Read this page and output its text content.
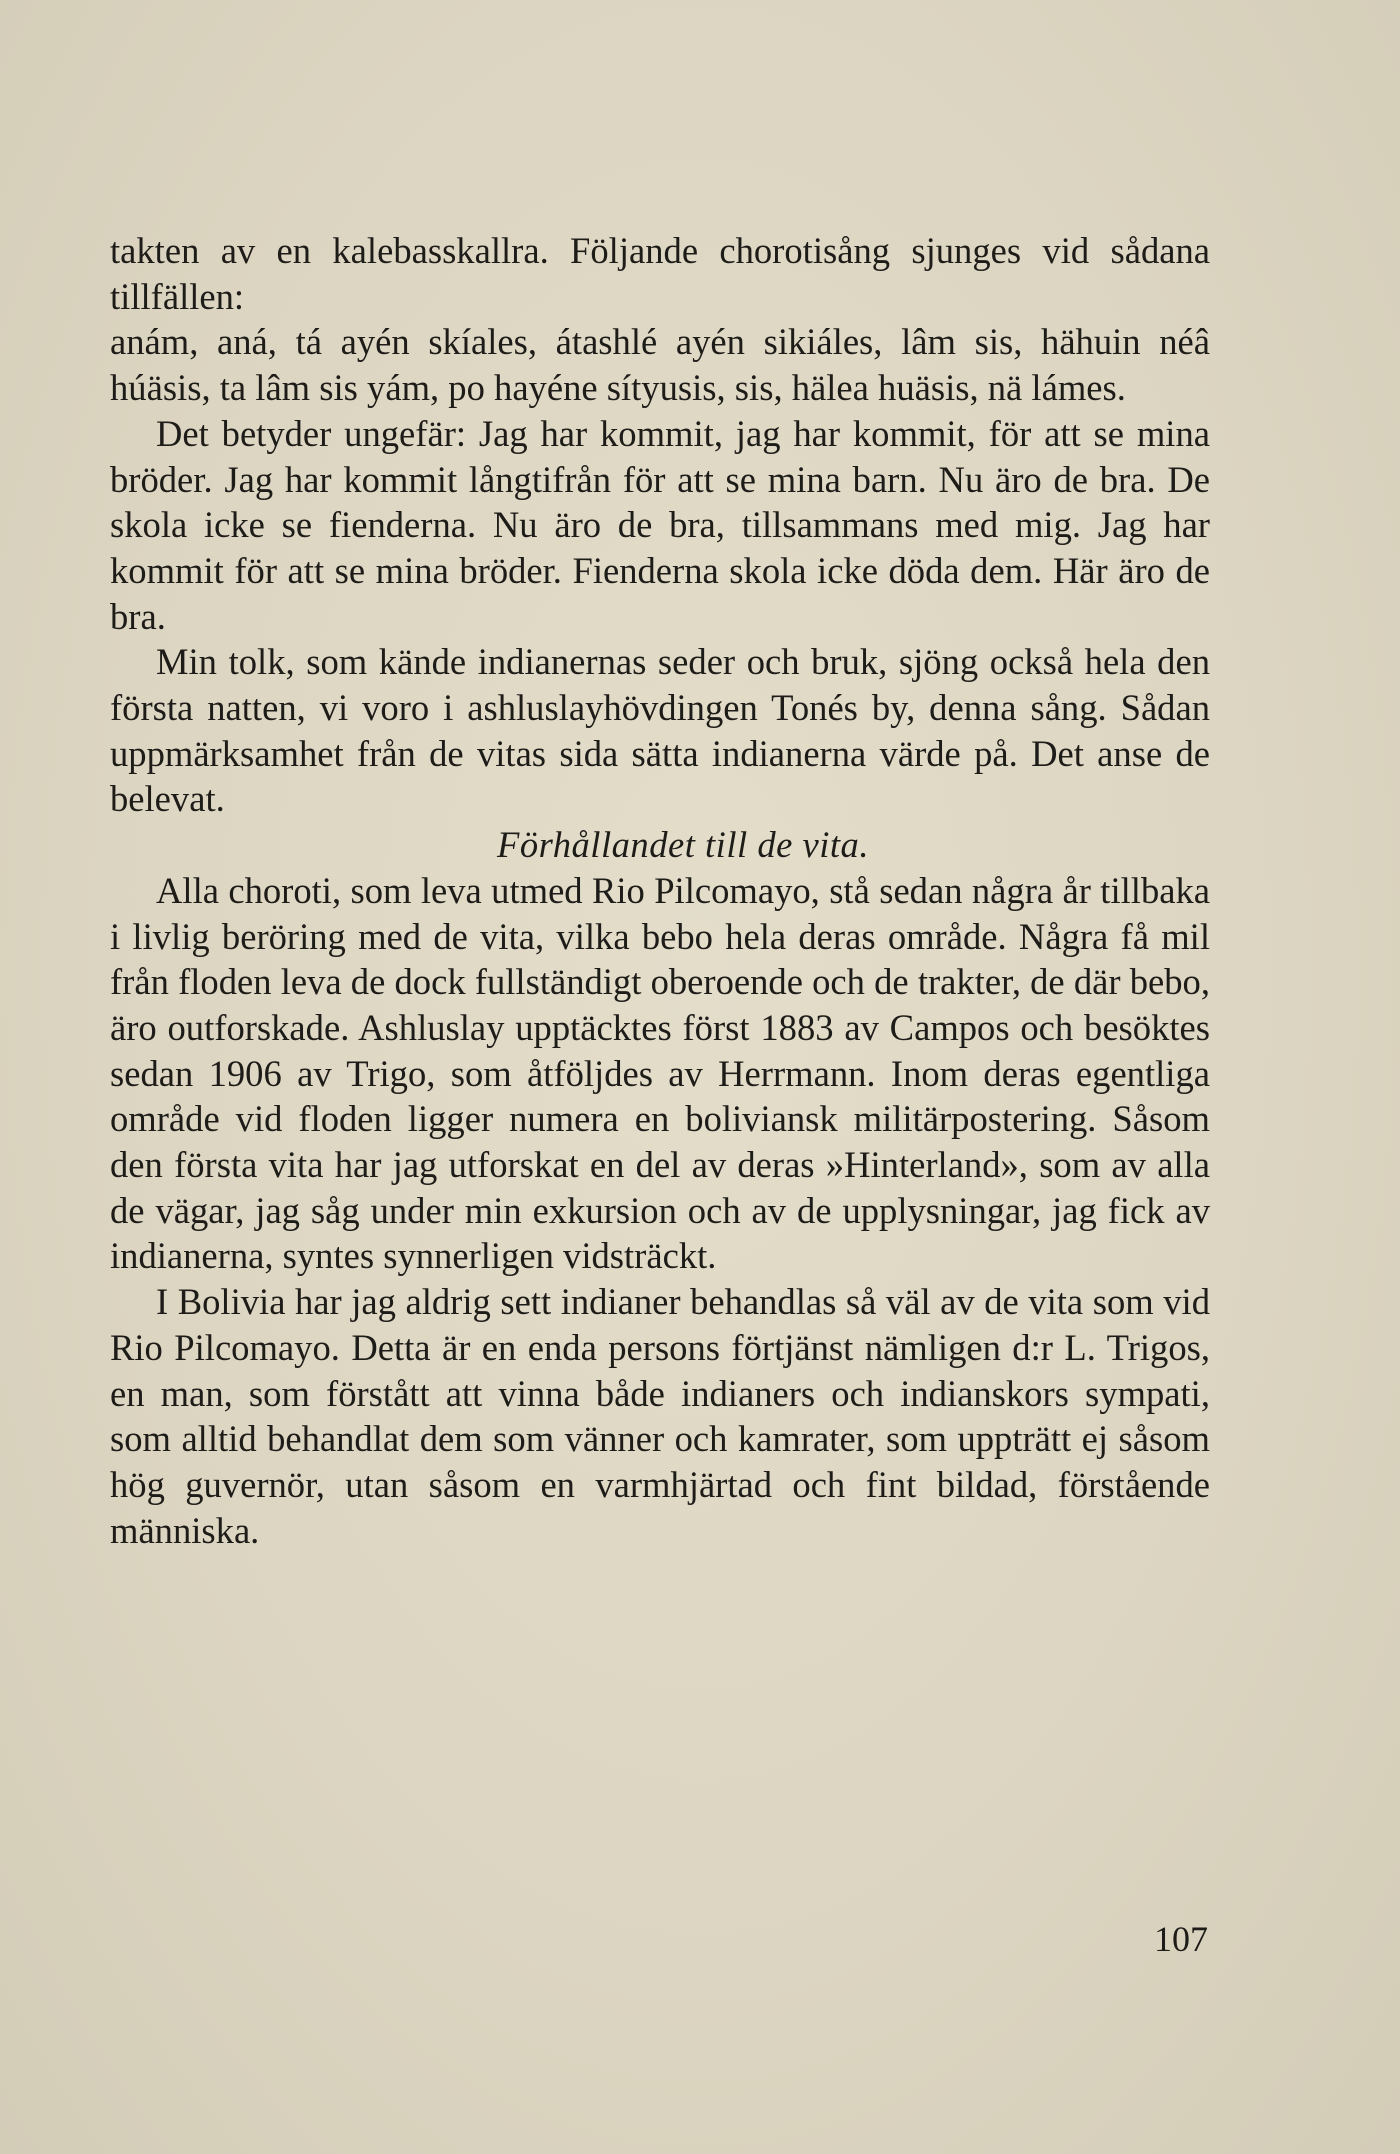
takten av en kalebasskallra. Följande chorotisång sjunges vid sådana tillfällen:

anám, aná, tá ayén skíales, átashlé ayén sikiáles, lâm sis, hähuin néâ húäsis, ta lâm sis yám, po hayéne sítyusis, sis, hälea huäsis, nä lámes.

Det betyder ungefär: Jag har kommit, jag har kommit, för att se mina bröder. Jag har kommit långtifrån för att se mina barn. Nu äro de bra. De skola icke se fienderna. Nu äro de bra, tillsammans med mig. Jag har kommit för att se mina bröder. Fienderna skola icke döda dem. Här äro de bra.

Min tolk, som kände indianernas seder och bruk, sjöng också hela den första natten, vi voro i ashluslayhövdingen Tonés by, denna sång. Sådan uppmärksamhet från de vitas sida sätta indianerna värde på. Det anse de belevat.

Förhållandet till de vita.

Alla choroti, som leva utmed Rio Pilcomayo, stå sedan några år tillbaka i livlig beröring med de vita, vilka bebo hela deras område. Några få mil från floden leva de dock fullständigt oberoende och de trakter, de där bebo, äro outforskade. Ashluslay upptäcktes först 1883 av Campos och besöktes sedan 1906 av Trigo, som åtföljdes av Herrmann. Inom deras egentliga område vid floden ligger numera en boliviansk militärpostering. Såsom den första vita har jag utforskat en del av deras »Hinterland», som av alla de vägar, jag såg under min exkursion och av de upplysningar, jag fick av indianerna, syntes synnerligen vidsträckt.

I Bolivia har jag aldrig sett indianer behandlas så väl av de vita som vid Rio Pilcomayo. Detta är en enda persons förtjänst nämligen d:r L. Trigos, en man, som förstått att vinna både indianers och indianskors sympati, som alltid behandlat dem som vänner och kamrater, som uppträtt ej såsom hög guvernör, utan såsom en varmhjärtad och fint bildad, förstående människa.

107
